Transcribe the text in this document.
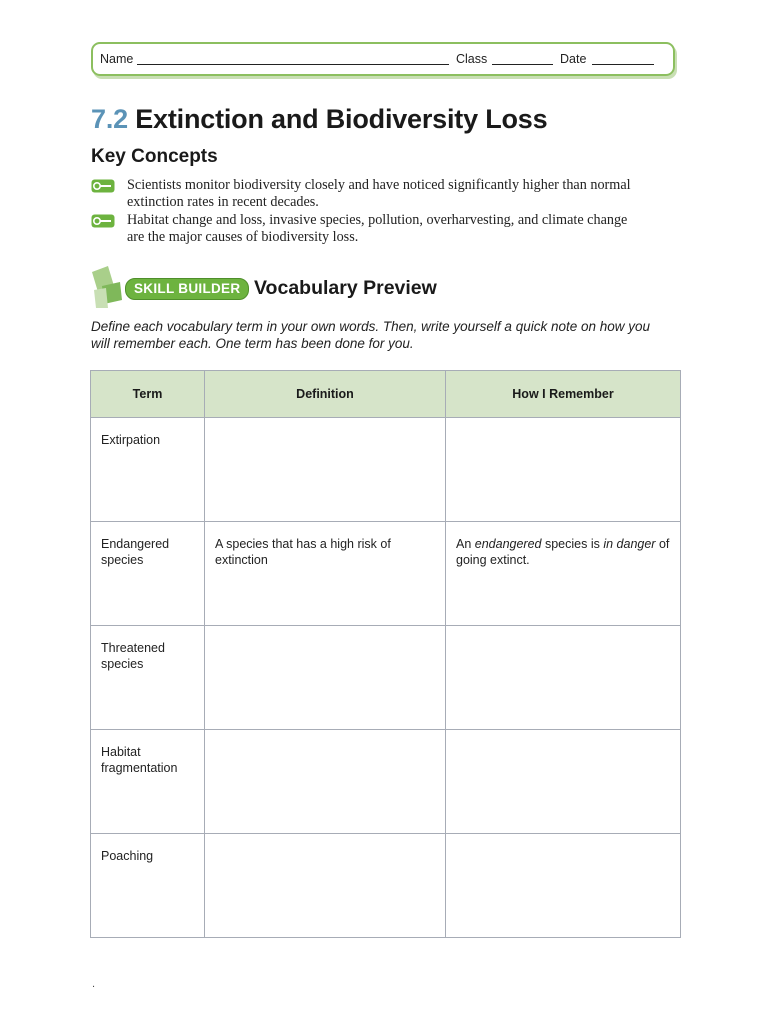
Name	Class	Date
7.2 Extinction and Biodiversity Loss
Key Concepts
Scientists monitor biodiversity closely and have noticed significantly higher than normal extinction rates in recent decades.
Habitat change and loss, invasive species, pollution, overharvesting, and climate change are the major causes of biodiversity loss.
SKILL BUILDER Vocabulary Preview
Define each vocabulary term in your own words. Then, write yourself a quick note on how you will remember each. One term has been done for you.
Term	Definition	How I Remember

Extirpation		

Endangered species	A species that has a high risk of extinction	An endangered species is in danger of going extinct.

Threatened species		

Habitat fragmentation		

Poaching		

.
